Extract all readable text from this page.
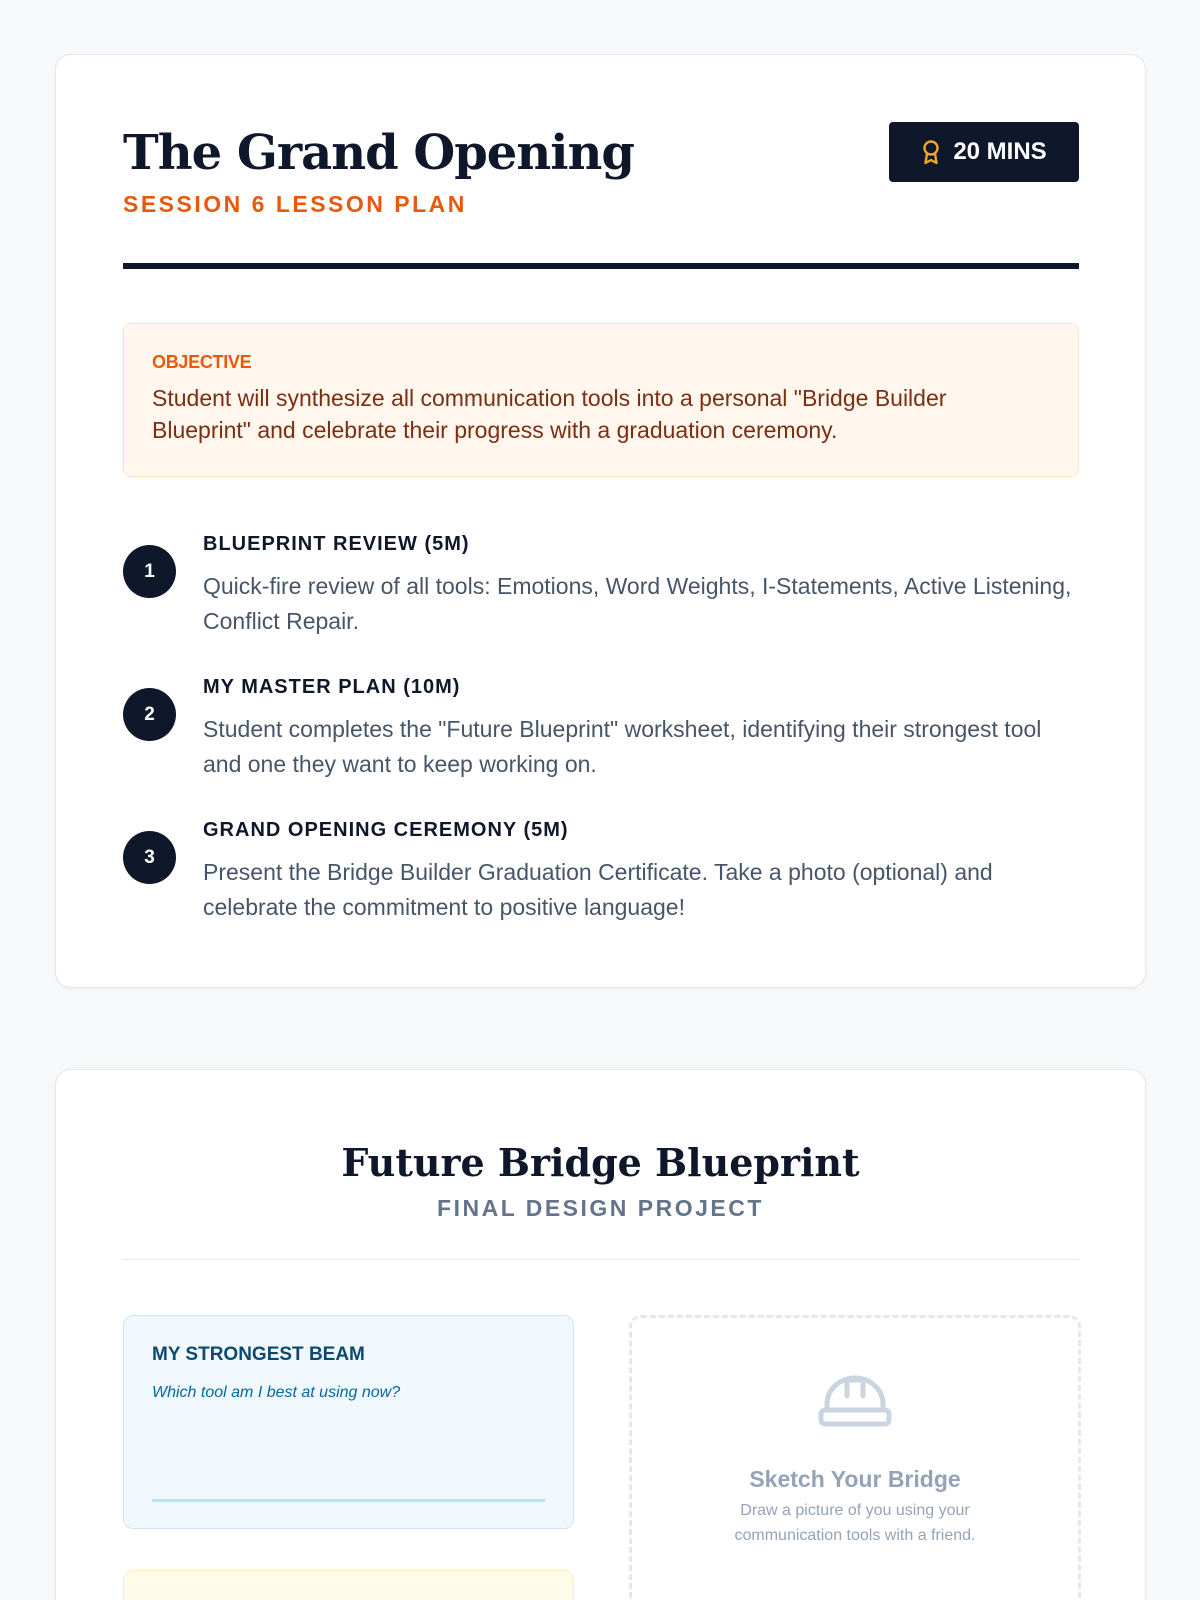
The Grand Opening
SESSION 6 LESSON PLAN
20 MINS
OBJECTIVE

Student will synthesize all communication tools into a personal "Bridge Builder Blueprint" and celebrate their progress with a graduation ceremony.

1
BLUEPRINT REVIEW (5M)

Quick-fire review of all tools: Emotions, Word Weights, I-Statements, Active Listening, Conflict Repair.

2
MY MASTER PLAN (10M)

Student completes the "Future Blueprint" worksheet, identifying their strongest tool and one they want to keep working on.

3
GRAND OPENING CEREMONY (5M)

Present the Bridge Builder Graduation Certificate. Take a photo (optional) and celebrate the commitment to positive language!

Future Bridge Blueprint
FINAL DESIGN PROJECT
MY STRONGEST BEAM
Which tool am I best at using now?
Sketch Your Bridge

Draw a picture of you using your communication tools with a friend.
